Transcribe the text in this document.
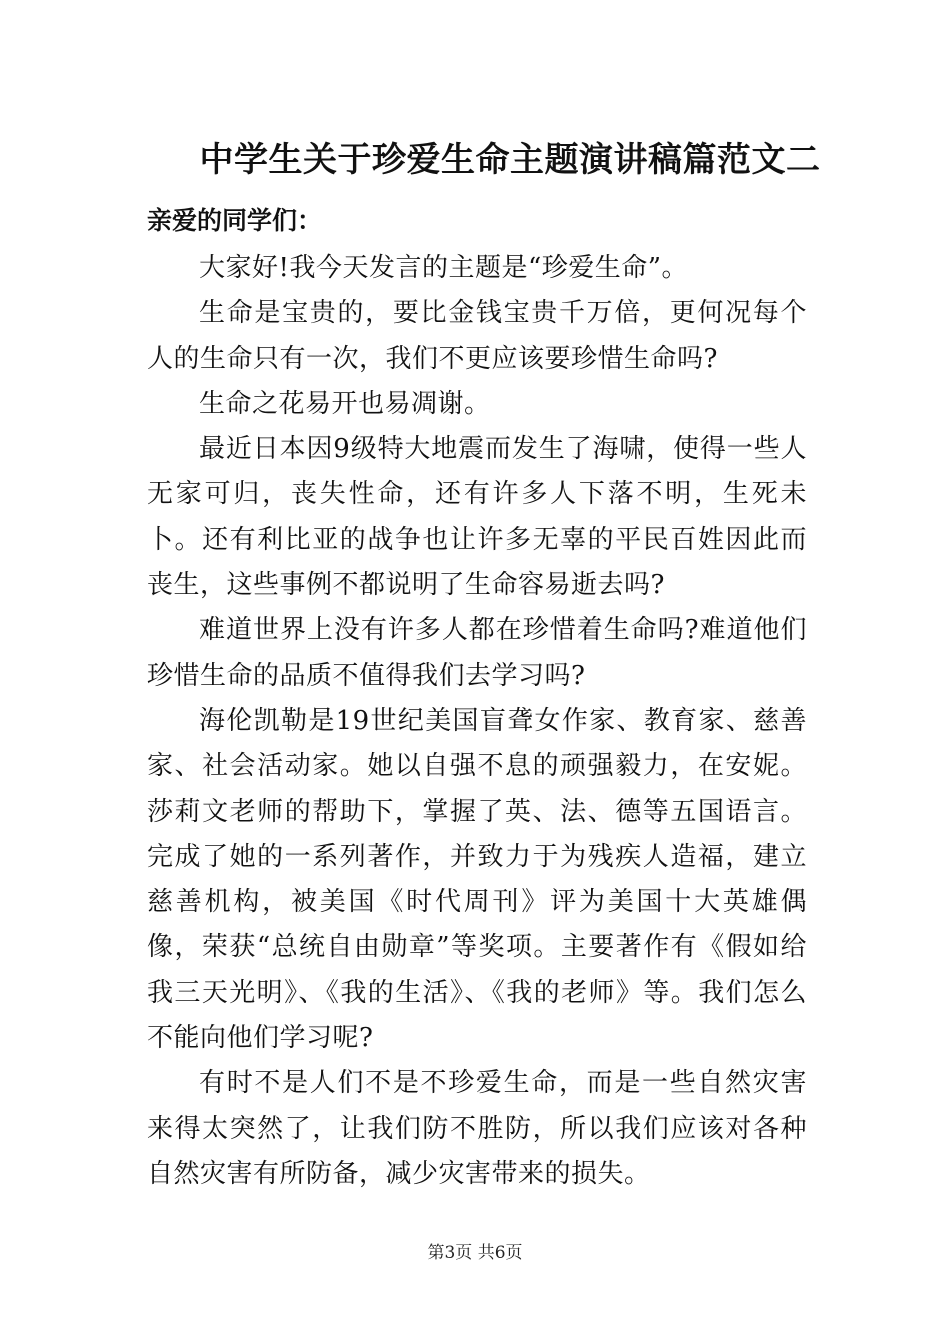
中学生关于珍爱生命主题演讲稿篇范文二

亲爱的同学们：

大家好!我今天发言的主题是“珍爱生命”。

生命是宝贵的，要比金钱宝贵千万倍，更何况每个人的生命只有一次，我们不更应该要珍惜生命吗?

生命之花易开也易凋谢。

最近日本因9级特大地震而发生了海啸，使得一些人无家可归，丧失性命，还有许多人下落不明，生死未卜。还有利比亚的战争也让许多无辜的平民百姓因此而丧生，这些事例不都说明了生命容易逝去吗?

难道世界上没有许多人都在珍惜着生命吗?难道他们珍惜生命的品质不值得我们去学习吗?

海伦凯勒是19世纪美国盲聋女作家、教育家、慈善家、社会活动家。她以自强不息的顽强毅力，在安妮。莎莉文老师的帮助下，掌握了英、法、德等五国语言。完成了她的一系列著作，并致力于为残疾人造福，建立慈善机构，被美国《时代周刊》评为美国十大英雄偶像，荣获“总统自由勋章”等奖项。主要著作有《假如给我三天光明》、《我的生活》、《我的老师》等。我们怎么不能向他们学习呢?

有时不是人们不是不珍爱生命，而是一些自然灾害来得太突然了，让我们防不胜防，所以我们应该对各种自然灾害有所防备，减少灾害带来的损失。

第3页 共6页
